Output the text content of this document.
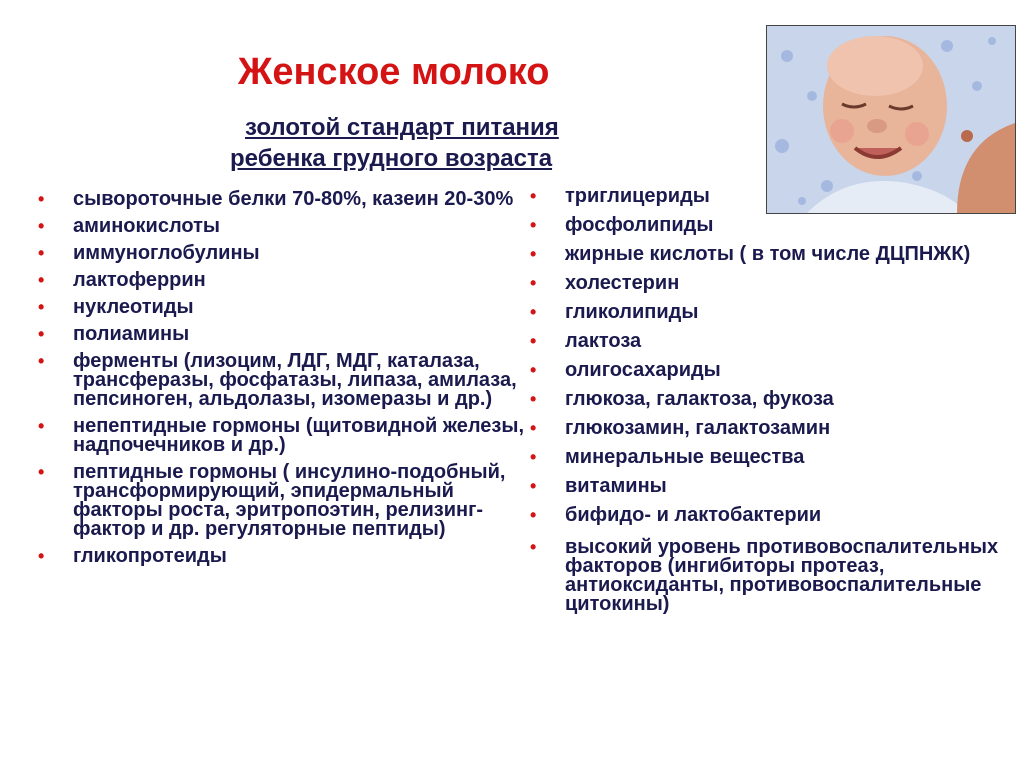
Женское молоко
золотой стандарт питания
ребенка грудного возраста
• сывороточные белки 70-80%, казеин 20-30%
• аминокислоты
• иммуноглобулины
• лактоферрин
• нуклеотиды
• полиамины
• ферменты (лизоцим, ЛДГ, МДГ, каталаза, трансферазы, фосфатазы, липаза, амилаза, пепсиноген, альдолазы, изомеразы и др.)
• непептидные гормоны (щитовидной железы, надпочечников и др.)
• пептидные гормоны ( инсулино-подобный, трансформирующий, эпидермальный факторы роста, эритропоэтин, релизинг-фактор и др. регуляторные пептиды)
• гликопротеиды
• триглицериды
• фосфолипиды
• жирные кислоты ( в том числе ДЦПНЖК)
• холестерин
• гликолипиды
• лактоза
• олигосахариды
• глюкоза, галактоза, фукоза
• глюкозамин, галактозамин
• минеральные вещества
• витамины
• бифидо- и лактобактерии
• высокий уровень противовоспалительных факторов (ингибиторы протеаз, антиоксиданты, противовоспалительные цитокины)
